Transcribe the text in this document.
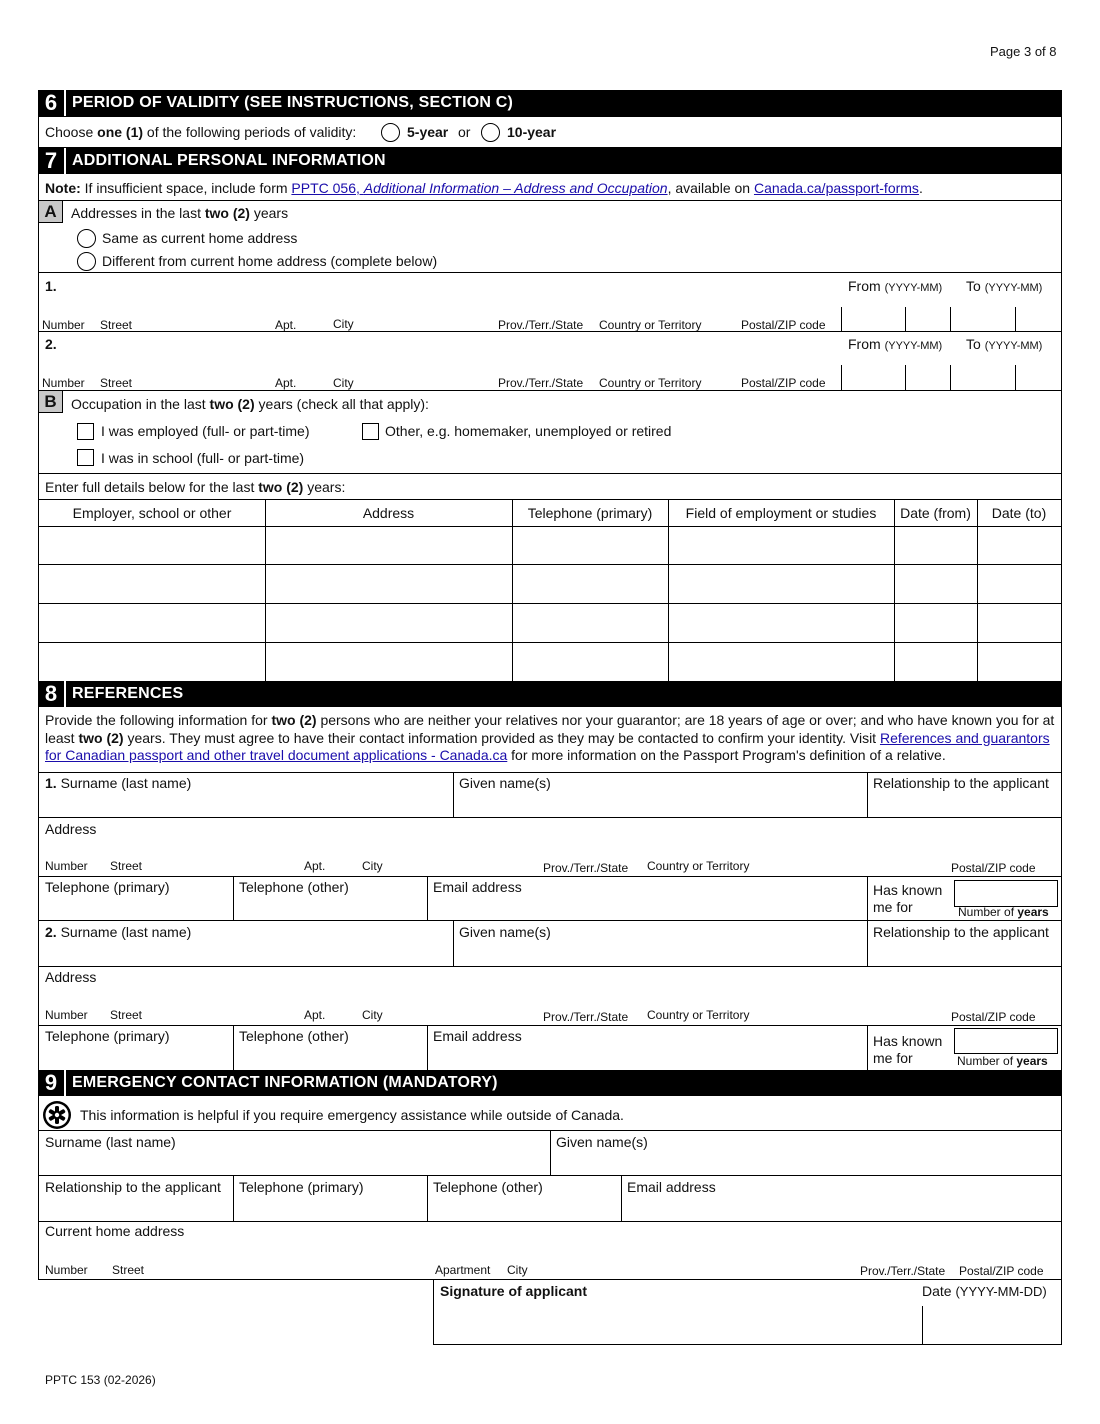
Page 3 of 8
6 PERIOD OF VALIDITY (SEE INSTRUCTIONS, SECTION C)
Choose one (1) of the following periods of validity:	5-year or	10-year
7 ADDITIONAL PERSONAL INFORMATION
Note: If insufficient space, include form PPTC 056, Additional Information – Address and Occupation, available on Canada.ca/passport-forms.
A	Addresses in the last two (2) years
Same as current home address
Different from current home address (complete below)
1.	From (YYYY-MM) To (YYYY-MM)
Number Street	Apt.	City	Prov./Terr./State Country or Territory	Postal/ZIP code
2.	From (YYYY-MM) To (YYYY-MM)
Number Street	Apt.	City	Prov./Terr./State Country or Territory	Postal/ZIP code
B	Occupation in the last two (2) years (check all that apply):
I was employed (full- or part-time)	Other, e.g. homemaker, unemployed or retired
I was in school (full- or part-time)
Enter full details below for the last two (2) years:
Employer, school or other	Address	Telephone (primary)	Field of employment or studies	Date (from)	Date (to)
8 REFERENCES
Provide the following information for two (2) persons who are neither your relatives nor your guarantor; are 18 years of age or over; and who have known you for at least two (2) years. They must agree to have their contact information provided as they may be contacted to confirm your identity. Visit References and guarantors for Canadian passport and other travel document applications - Canada.ca for more information on the Passport Program's definition of a relative.
1. Surname (last name)	Given name(s)	Relationship to the applicant
Address
Number Street	Apt.	City	Prov./Terr./State Country or Territory	Postal/ZIP code
Telephone (primary)	Telephone (other)	Email address	Has known
me for	Number of years
2. Surname (last name)	Given name(s)	Relationship to the applicant
Address
Number Street	Apt.	City	Prov./Terr./State Country or Territory	Postal/ZIP code
Telephone (primary)	Telephone (other)	Email address	Has known
me for	Number of years
9 EMERGENCY CONTACT INFORMATION (MANDATORY)
This information is helpful if you require emergency assistance while outside of Canada.
Surname (last name)	Given name(s)
Relationship to the applicant Telephone (primary)	Telephone (other)	Email address
Current home address
Number Street	Apartment City	Prov./Terr./State Postal/ZIP code
Signature of applicant	Date (YYYY-MM-DD)
PPTC 153 (02-2026)
